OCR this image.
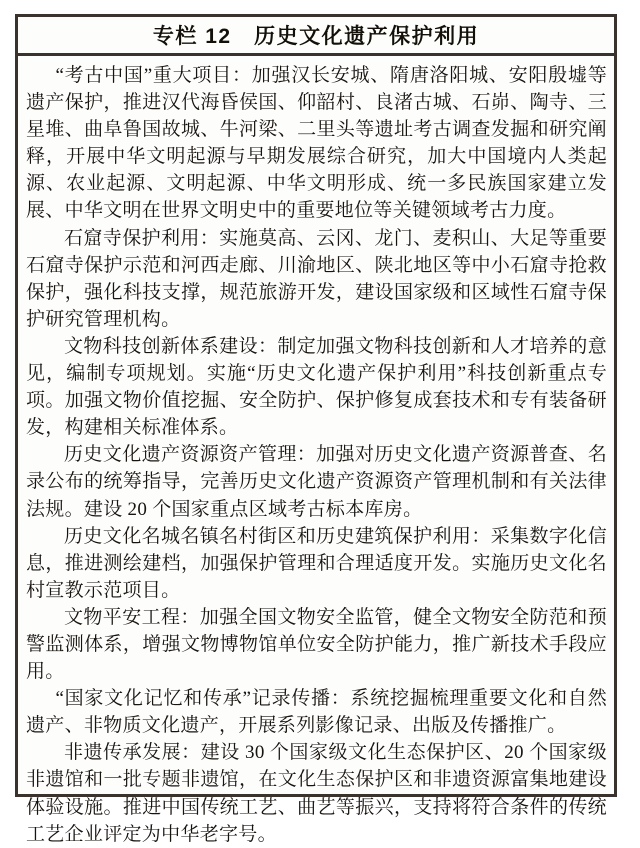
专栏 12　历史文化遗产保护利用

“考古中国”重大项目：加强汉长安城、隋唐洛阳城、安阳殷墟等遗产保护，推进汉代海昏侯国、仰韶村、良渚古城、石峁、陶寺、三星堆、曲阜鲁国故城、牛河梁、二里头等遗址考古调查发掘和研究阐释，开展中华文明起源与早期发展综合研究，加大中国境内人类起源、农业起源、文明起源、中华文明形成、统一多民族国家建立发展、中华文明在世界文明史中的重要地位等关键领域考古力度。

石窟寺保护利用：实施莫高、云冈、龙门、麦积山、大足等重要石窟寺保护示范和河西走廊、川渝地区、陕北地区等中小石窟寺抢救保护，强化科技支撑，规范旅游开发，建设国家级和区域性石窟寺保护研究管理机构。

文物科技创新体系建设：制定加强文物科技创新和人才培养的意见，编制专项规划。实施“历史文化遗产保护利用”科技创新重点专项。加强文物价值挖掘、安全防护、保护修复成套技术和专有装备研发，构建相关标准体系。

历史文化遗产资源资产管理：加强对历史文化遗产资源普查、名录公布的统筹指导，完善历史文化遗产资源资产管理机制和有关法律法规。建设 20 个国家重点区域考古标本库房。

历史文化名城名镇名村街区和历史建筑保护利用：采集数字化信息，推进测绘建档，加强保护管理和合理适度开发。实施历史文化名村宣教示范项目。

文物平安工程：加强全国文物安全监管，健全文物安全防范和预警监测体系，增强文物博物馆单位安全防护能力，推广新技术手段应用。

“国家文化记忆和传承”记录传播：系统挖掘梳理重要文化和自然遗产、非物质文化遗产，开展系列影像记录、出版及传播推广。

非遗传承发展：建设 30 个国家级文化生态保护区、20 个国家级非遗馆和一批专题非遗馆，在文化生态保护区和非遗资源富集地建设体验设施。推进中国传统工艺、曲艺等振兴，支持将符合条件的传统工艺企业评定为中华老字号。
